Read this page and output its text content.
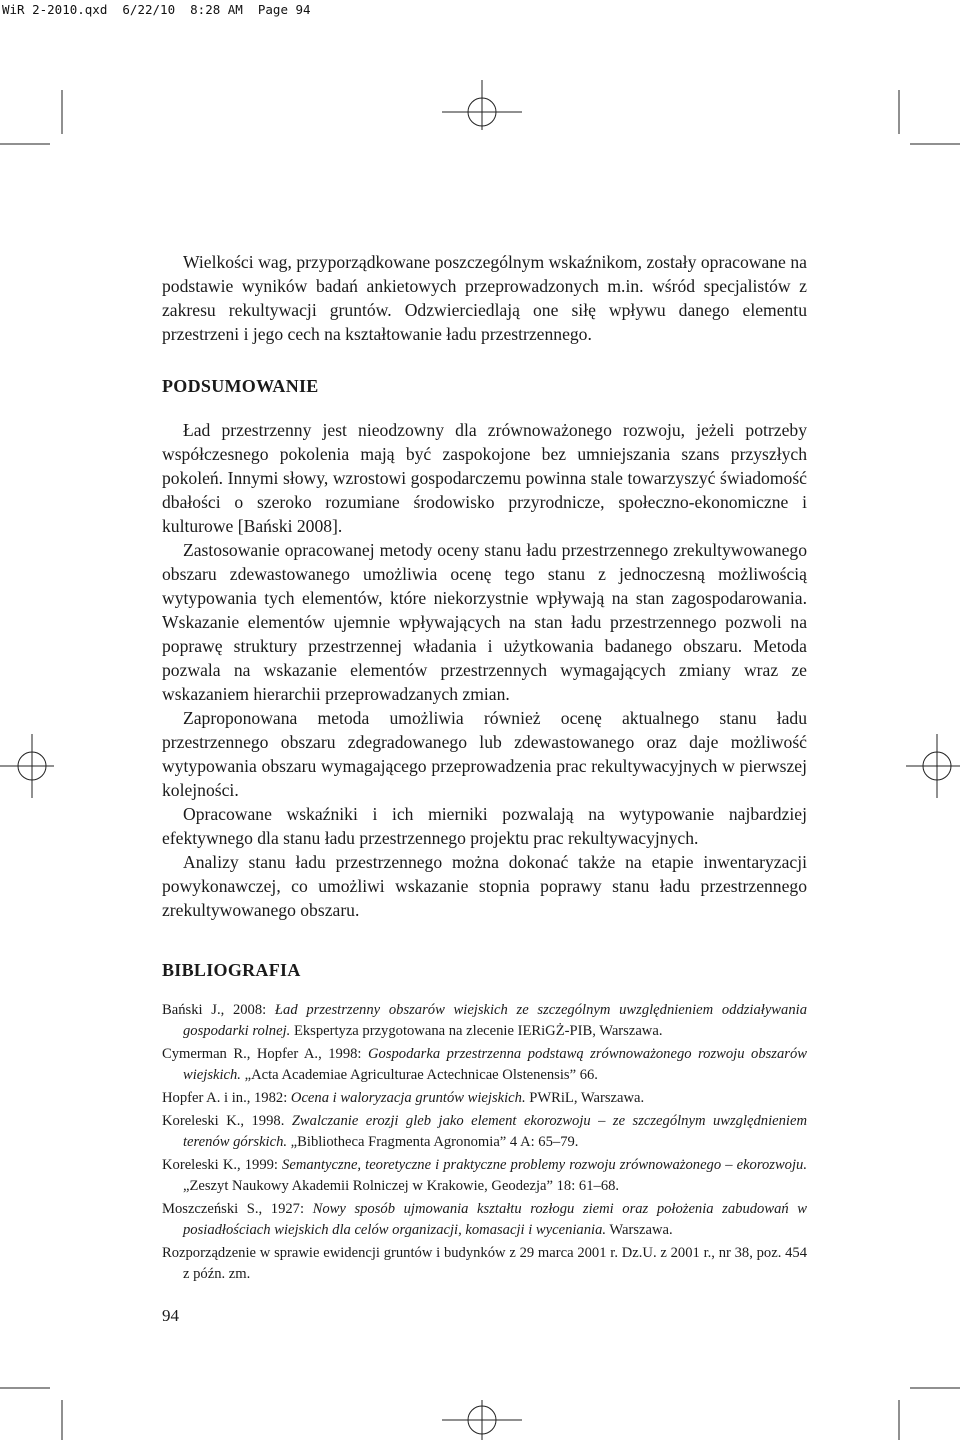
WiR 2-2010.qxd  6/22/10  8:28 AM  Page 94

Wielkości wag, przyporządkowane poszczególnym wskaźnikom, zostały opracowane na podstawie wyników badań ankietowych przeprowadzonych m.in. wśród specjalistów z zakresu rekultywacji gruntów. Odzwierciedlają one siłę wpływu danego elementu przestrzeni i jego cech na kształtowanie ładu przestrzennego.

PODSUMOWANIE

Ład przestrzenny jest nieodzowny dla zrównoważonego rozwoju, jeżeli potrzeby współczesnego pokolenia mają być zaspokojone bez umniejszania szans przyszłych pokoleń. Innymi słowy, wzrostowi gospodarczemu powinna stale towarzyszyć świadomość dbałości o szeroko rozumiane środowisko przyrodnicze, społeczno-ekonomiczne i kulturowe [Bański 2008].

Zastosowanie opracowanej metody oceny stanu ładu przestrzennego zrekultywowanego obszaru zdewastowanego umożliwia ocenę tego stanu z jednoczesną możliwością wytypowania tych elementów, które niekorzystnie wpływają na stan zagospodarowania. Wskazanie elementów ujemnie wpływających na stan ładu przestrzennego pozwoli na poprawę struktury przestrzennej władania i użytkowania badanego obszaru. Metoda pozwala na wskazanie elementów przestrzennych wymagających zmiany wraz ze wskazaniem hierarchii przeprowadzanych zmian.

Zaproponowana metoda umożliwia również ocenę aktualnego stanu ładu przestrzennego obszaru zdegradowanego lub zdewastowanego oraz daje możliwość wytypowania obszaru wymagającego przeprowadzenia prac rekultywacyjnych w pierwszej kolejności.

Opracowane wskaźniki i ich mierniki pozwalają na wytypowanie najbardziej efektywnego dla stanu ładu przestrzennego projektu prac rekultywacyjnych.

Analizy stanu ładu przestrzennego można dokonać także na etapie inwentaryzacji powykonawczej, co umożliwi wskazanie stopnia poprawy stanu ładu przestrzennego zrekultywowanego obszaru.

BIBLIOGRAFIA

Bański J., 2008: Ład przestrzenny obszarów wiejskich ze szczególnym uwzględnieniem oddziaływania gospodarki rolnej. Ekspertyza przygotowana na zlecenie IERiGŻ-PIB, Warszawa.

Cymerman R., Hopfer A., 1998: Gospodarka przestrzenna podstawą zrównoważonego rozwoju obszarów wiejskich. „Acta Academiae Agriculturae Actechnicae Olstenensis” 66.

Hopfer A. i in., 1982: Ocena i waloryzacja gruntów wiejskich. PWRiL, Warszawa.

Koreleski K., 1998. Zwalczanie erozji gleb jako element ekorozwoju – ze szczególnym uwzględnieniem terenów górskich. „Bibliotheca Fragmenta Agronomia” 4 A: 65–79.

Koreleski K., 1999: Semantyczne, teoretyczne i praktyczne problemy rozwoju zrównoważonego – ekorozwoju. „Zeszyt Naukowy Akademii Rolniczej w Krakowie, Geodezja” 18: 61–68.

Moszczeński S., 1927: Nowy sposób ujmowania kształtu rozłogu ziemi oraz położenia zabudowań w posiadłościach wiejskich dla celów organizacji, komasacji i wyceniania. Warszawa.

Rozporządzenie w sprawie ewidencji gruntów i budynków z 29 marca 2001 r. Dz.U. z 2001 r., nr 38, poz. 454 z późn. zm.

94
